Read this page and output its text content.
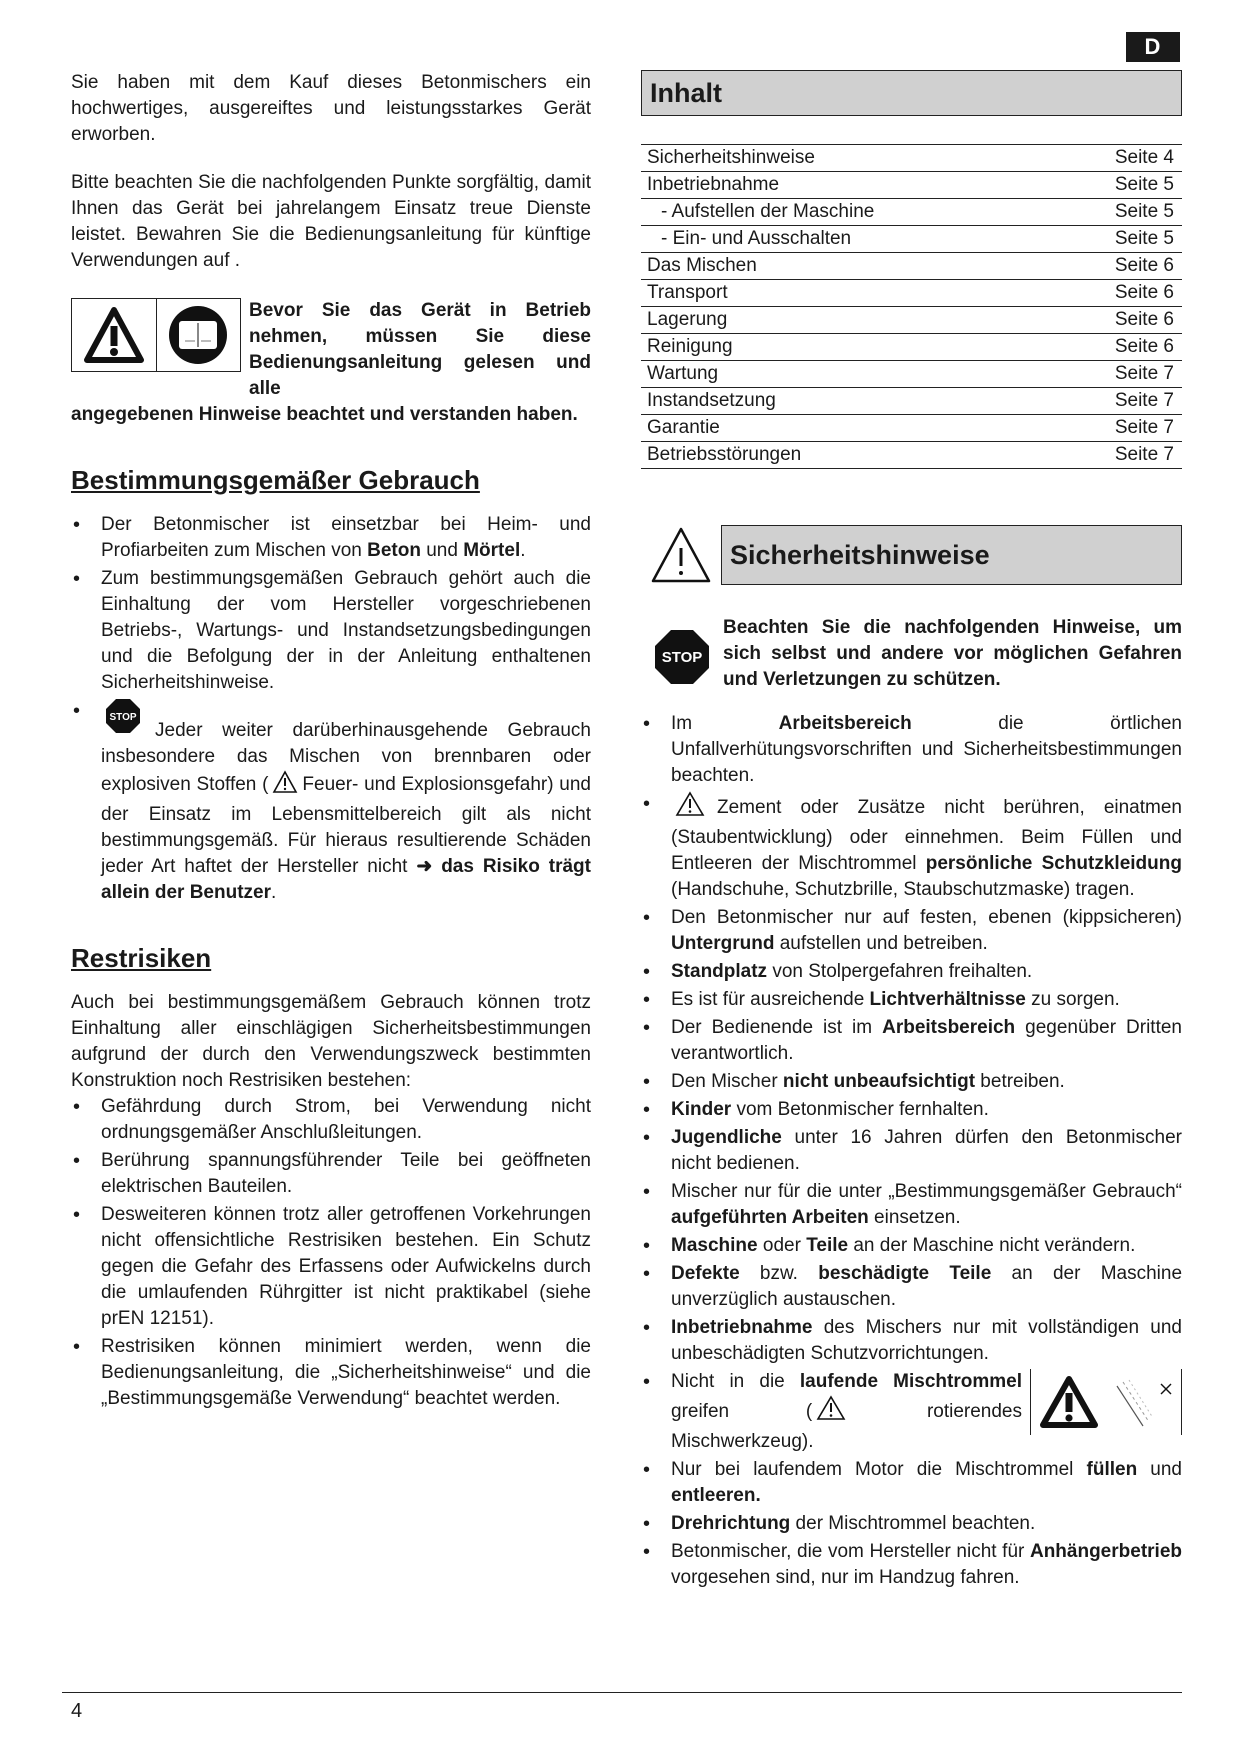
D

Sie haben mit dem Kauf dieses Betonmischers ein hochwertiges, ausgereiftes und leistungsstarkes Gerät erworben.

Bitte beachten Sie die nachfolgenden Punkte sorgfältig, damit Ihnen das Gerät bei jahrelangem Einsatz treue Dienste leistet. Bewahren Sie die Bedienungsanleitung für künftige Verwendungen auf .

Bevor Sie das Gerät in Betrieb nehmen, müssen Sie diese Bedienungsanleitung gelesen und alle
angegebenen Hinweise beachtet und verstanden haben.
Bestimmungsgemäßer Gebrauch
• Der Betonmischer ist einsetzbar bei Heim- und Profiarbeiten zum Mischen von Beton und Mörtel.
• Zum bestimmungsgemäßen Gebrauch gehört auch die Einhaltung der vom Hersteller vorgeschriebenen Betriebs-, Wartungs- und Instandsetzungsbedingungen und die Befolgung der in der Anleitung enthaltenen Sicherheitshinweise.
• STOP
Jeder weiter darüberhinausgehende Gebrauch insbesondere das Mischen von brennbaren oder explosiven Stoffen ( Feuer- und Explosionsgefahr) und der Einsatz im Lebensmittelbereich gilt als nicht bestimmungsgemäß. Für hieraus resultierende Schäden jeder Art haftet der Hersteller nicht ➜ das Risiko trägt allein der Benutzer.
Restrisiken

Auch bei bestimmungsgemäßem Gebrauch können trotz Einhaltung aller einschlägigen Sicherheitsbestimmungen aufgrund der durch den Verwendungszweck bestimmten Konstruktion noch Restrisiken bestehen:

• Gefährdung durch Strom, bei Verwendung nicht ordnungsgemäßer Anschlußleitungen.
• Berührung spannungsführender Teile bei geöffneten elektrischen Bauteilen.
• Desweiteren können trotz aller getroffenen Vorkehrungen nicht offensichtliche Restrisiken bestehen. Ein Schutz gegen die Gefahr des Erfassens oder Aufwickelns durch die umlaufenden Rührgitter ist nicht praktikabel (siehe prEN 12151).
• Restrisiken können minimiert werden, wenn die Bedienungsanleitung, die „Sicherheitshinweise“ und die „Bestimmungsgemäße Verwendung“ beachtet werden.
Inhalt
Sicherheitshinweise	Seite 4
Inbetriebnahme	Seite 5
- Aufstellen der Maschine	Seite 5
- Ein- und Ausschalten	Seite 5
Das Mischen	Seite 6
Transport	Seite 6
Lagerung	Seite 6
Reinigung	Seite 6
Wartung	Seite 7
Instandsetzung	Seite 7
Garantie	Seite 7
Betriebsstörungen	Seite 7
Sicherheitshinweise
STOP
Beachten Sie die nachfolgenden Hinweise, um sich selbst und andere vor möglichen Gefahren und Verletzungen zu schützen.
• Im Arbeitsbereich die örtlichen Unfallverhütungsvorschriften und Sicherheitsbestimmungen beachten.
• Zement oder Zusätze nicht berühren, einatmen (Staubentwicklung) oder einnehmen. Beim Füllen und Entleeren der Mischtrommel persönliche Schutzkleidung (Handschuhe, Schutzbrille, Staubschutzmaske) tragen.
• Den Betonmischer nur auf festen, ebenen (kippsicheren) Untergrund aufstellen und betreiben.
• Standplatz von Stolpergefahren freihalten.
• Es ist für ausreichende Lichtverhältnisse zu sorgen.
• Der Bedienende ist im Arbeitsbereich gegenüber Dritten verantwortlich.
• Den Mischer nicht unbeaufsichtigt betreiben.
• Kinder vom Betonmischer fernhalten.
• Jugendliche unter 16 Jahren dürfen den Betonmischer nicht bedienen.
• Mischer nur für die unter „Bestimmungsgemäßer Gebrauch“ aufgeführten Arbeiten einsetzen.
• Maschine oder Teile an der Maschine nicht verändern.
• Defekte bzw. beschädigte Teile an der Maschine unverzüglich austauschen.
• Inbetriebnahme des Mischers nur mit vollständigen und unbeschädigten Schutzvorrichtungen.
• Nicht in die laufende Mischtrommel greifen ( rotierendes Mischwerkzeug).
• Nur bei laufendem Motor die Mischtrommel füllen und entleeren.
• Drehrichtung der Mischtrommel beachten.
• Betonmischer, die vom Hersteller nicht für Anhängerbetrieb vorgesehen sind, nur im Handzug fahren.
4
